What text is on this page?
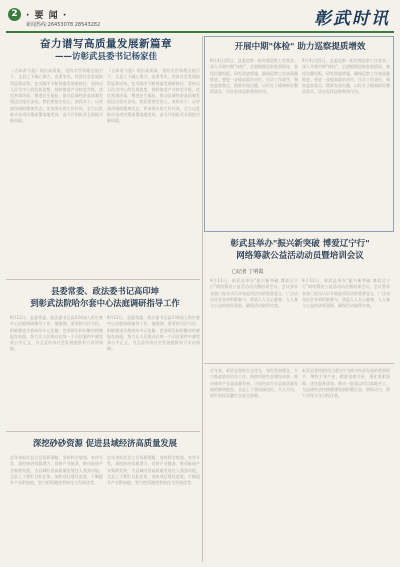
2 · 要 闻 ·
新闻热线:26453078 28543282	彰武时讯
奋力谱写高质量发展新篇章
——访彰武县委书记杨家佳
《古彰育今报》现出高质量、党的宗旨和理念指引下，全县上下凝心聚力、奋勇争先，经济社会发展取得显著成效。在实践中不断探索发展新路径，坚持以人民为中心的发展思想，持续推进产业转型升级，优化营商环境，增进民生福祉，推动县域经济高质量发展迈出坚实步伐。我们要坚定信心、真抓实干，以更加昂扬的精神状态、更加务实的工作作风，全力以赴推动各项决策部署落地见效，奋力开创彰武全面振兴新局面。
《古彰育今报》现出高质量、党的宗旨和理念指引下，全县上下凝心聚力、奋勇争先，经济社会发展取得显著成效。在实践中不断探索发展新路径，坚持以人民为中心的发展思想，持续推进产业转型升级，优化营商环境，增进民生福祉，推动县域经济高质量发展迈出坚实步伐。我们要坚定信心、真抓实干，以更加昂扬的精神状态、更加务实的工作作风，全力以赴推动各项决策部署落地见效，奋力开创彰武全面振兴新局面。
开展中期"体检" 助力巡察提质增效
9月4日至5日，县委巡察一组对照巡察工作要求，深入开展中期"体检"，全面梳理巡察进展情况，查找问题短板，研究改进措施，确保巡察工作高质量推进。要进一步提高政治站位，压实工作责任，聚焦监督重点，精准发现问题，以钉钉子精神抓好整改落实，切实发挥巡察利剑作用。
9月4日至5日，县委巡察一组对照巡察工作要求，深入开展中期"体检"，全面梳理巡察进展情况，查找问题短板，研究改进措施，确保巡察工作高质量推进。要进一步提高政治站位，压实工作责任，聚焦监督重点，精准发现问题，以钉钉子精神抓好整改落实，切实发挥巡察利剑作用。
彰武县举办"振兴新突破 博爱辽宁行"
网络筹款公益活动动员暨培训会议
□记者 丁明霞
9月11日，彰武县举办"振兴新突破 博爱辽宁行"网络筹款公益活动动员暨培训会议。会议要求各部门充分认识开展此项活动的重要意义，广泛动员社会各界积极参与，营造人人关心慈善、人人参与公益的浓厚氛围，确保活动取得实效。
9月11日，彰武县举办"振兴新突破 博爱辽宁行"网络筹款公益活动动员暨培训会议。会议要求各部门充分认识开展此项活动的重要意义，广泛动员社会各界积极参与，营造人人关心慈善、人人参与公益的浓厚氛围，确保活动取得实效。
近年来，彰武县坚持生态优先、绿色发展理念，大力推进防沙治沙工作，持续巩固生态建设成果，推动林草产业高质量发展，让绿色成为全县高质量发展的鲜明底色。全县上下要再接再厉，久久为功，筑牢祖国北疆生态安全屏障。
彰武县坚持把项目建设作为推动经济发展的重要抓手，聚焦主导产业，精准招商引资，强化要素保障，优化服务质效，推动一批重点项目落地开工，为县域经济持续健康发展积蓄后劲、增添动力，努力实现全年目标任务。
县委常委、政法委书记高印坤
到彰武法院哈尔套中心法庭调研指导工作
9月12日，县委常委、政法委书记高印坤深入哈尔套中心法庭调研指导工作。他强调，要坚持司法为民，积极推进矛盾纠纷多元化解，把非诉讼纠纷解决机制挺在前面，努力让人民群众在每一个司法案件中感受到公平正义，为全县经济社会发展提供有力司法保障。
9月12日，县委常委、政法委书记高印坤深入哈尔套中心法庭调研指导工作。他强调，要坚持司法为民，积极推进矛盾纠纷多元化解，把非诉讼纠纷解决机制挺在前面，努力让人民群众在每一个司法案件中感受到公平正义，为全县经济社会发展提供有力司法保障。
深挖砂砂资源 促进县域经济高质量发展
近年来彰武县立足资源禀赋，坚持科学规划、有序开发，深挖砂砂资源潜力，延伸产业链条，推动硅砂产业集群发展，为县域经济高质量发展注入强劲动能。全县上下紧盯目标任务，加快项目建设进度，不断提升产业附加值，努力把资源优势转化为发展优势。
近年来彰武县立足资源禀赋，坚持科学规划、有序开发，深挖砂砂资源潜力，延伸产业链条，推动硅砂产业集群发展，为县域经济高质量发展注入强劲动能。全县上下紧盯目标任务，加快项目建设进度，不断提升产业附加值，努力把资源优势转化为发展优势。
